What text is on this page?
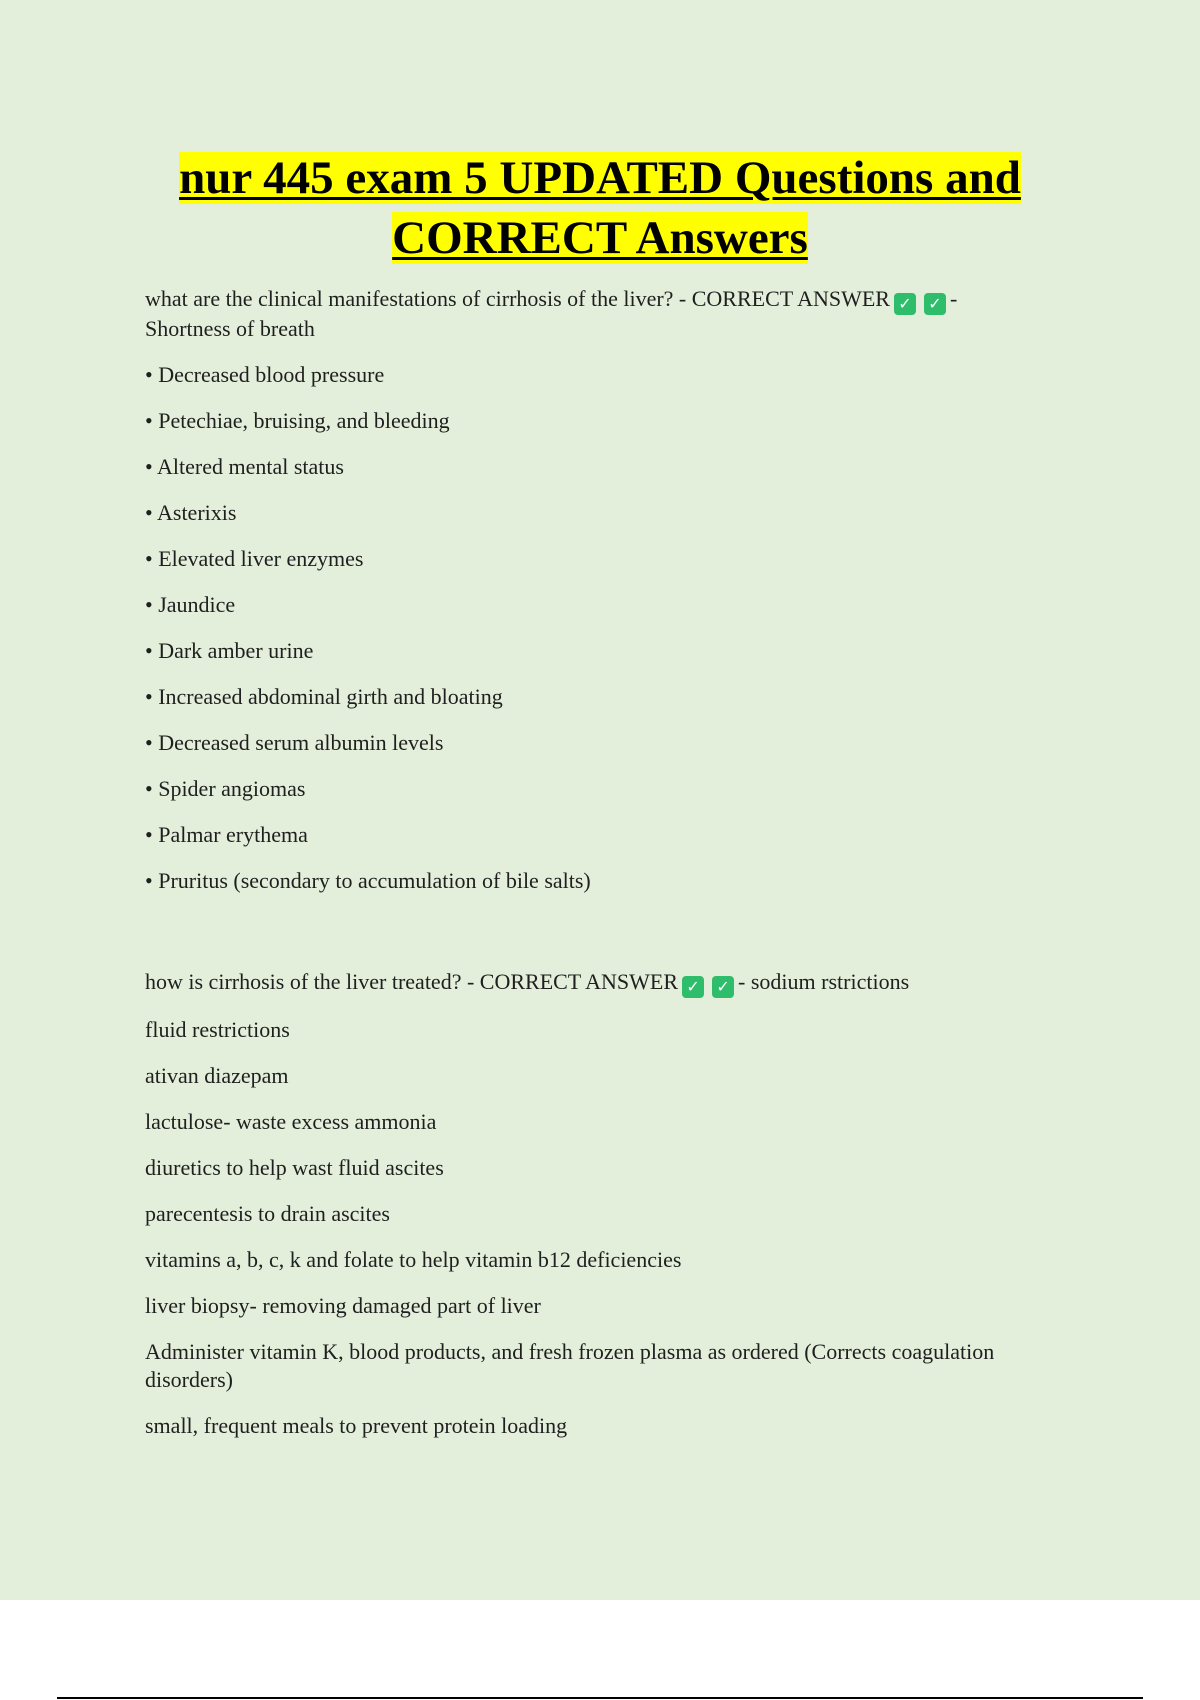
nur 445 exam 5 UPDATED Questions and
CORRECT Answers

what are the clinical manifestations of cirrhosis of the liver? - CORRECT ANSWER ✓ ✓ -
Shortness of breath

• Decreased blood pressure

• Petechiae, bruising, and bleeding

• Altered mental status

• Asterixis

• Elevated liver enzymes

• Jaundice

• Dark amber urine

• Increased abdominal girth and bloating

• Decreased serum albumin levels

• Spider angiomas

• Palmar erythema

• Pruritus (secondary to accumulation of bile salts)

how is cirrhosis of the liver treated? - CORRECT ANSWER ✓ ✓ - sodium rstrictions

fluid restrictions

ativan diazepam

lactulose- waste excess ammonia

diuretics to help wast fluid ascites

parecentesis to drain ascites

vitamins a, b, c, k and folate to help vitamin b12 deficiencies

liver biopsy- removing damaged part of liver

Administer vitamin K, blood products, and fresh frozen plasma as ordered (Corrects coagulation disorders)

small, frequent meals to prevent protein loading
